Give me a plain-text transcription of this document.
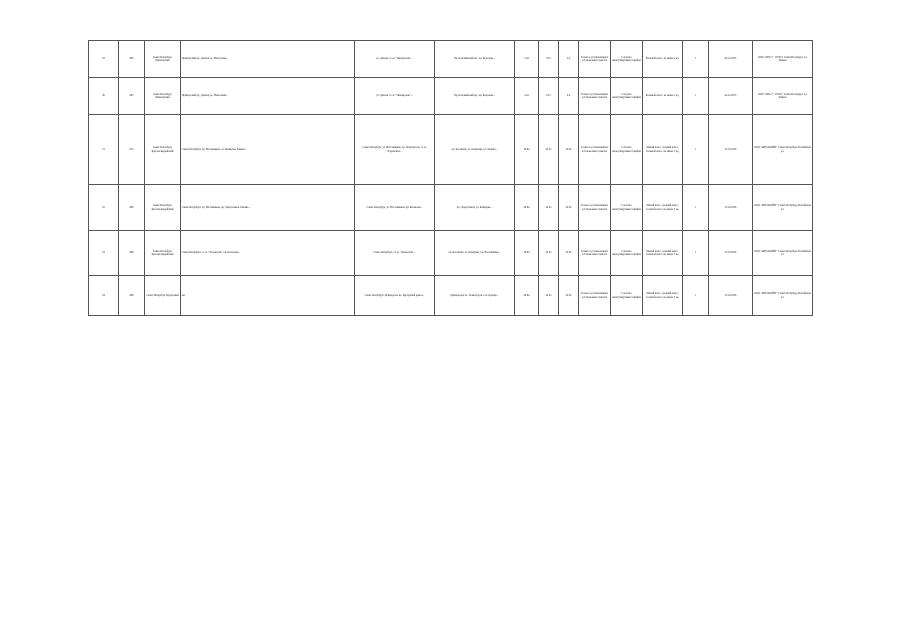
19	862	Санкт-Петербург, Приморский	Приморский пр., Дачная ул., Новоселки...	ул. Дачная, ст. м. "Пионерская"...	Пр. Коломяжский пр., пр. Королева...	21,6	19,5	2,4	Только в установленных остановочных пунктах	Согласно нерегулируемым тарифам	Большой класс, не менее 2 ед.	1	04.12.2015	ООО "АТП-7", 197227, Санкт-Петербург, ул. Дачная
20	865	Санкт-Петербург, Приморский	Приморский пр., Дачная ул., Новоселки...	ул. Дачная, ст. м. "Пионерская"...	Пр. Коломяжский пр., пр. Королева...	21,6	19,5	2,4	Только в установленных остановочных пунктах	Согласно нерегулируемым тарифам	Большой класс, не менее 2 ед.	1	04.12.2015	ООО "АТП-7", 197227, Санкт-Петербург, ул. Дачная
21	870	Санкт-Петербург, Красногвардейский	Санкт-Петербург, пр. Наставников, ул. Коммуны, Ржевка...	Санкт-Петербург, ул. Наставников, пр. Энтузиастов, ст. м. "Ладожская"...	пр. Косыгина, ул. Коммуны, ул. Ленина...	26,64	22,25	22,00	Только в установленных остановочных пунктах	Согласно нерегулируемым тарифам	Малый класс, средний класс, большой класс, не менее 5 ед.	1	25.10.2016	ООО "АВТОЛАЙН", Санкт-Петербург, Балтийская ул.
22	880	Санкт-Петербург, Красногвардейский	Санкт-Петербург, пр. Наставников, пр. Энергетиков, Ржевка...	Санкт-Петербург, ул. Наставников, пр. Косыгина...	пр. Энергетиков, ул. Коммуны...	26,64	22,25	22,00	Только в установленных остановочных пунктах	Согласно нерегулируемым тарифам	Малый класс, средний класс, большой класс, не менее 5 ед.	1	25.10.2016	ООО "АВТОЛАЙН", Санкт-Петербург, Балтийская ул.
23	886	Санкт-Петербург, Красногвардейский	Санкт-Петербург, ст. м. "Ладожская", пр. Косыгина...	Санкт-Петербург, ст. м. "Ладожская"...	пр. Косыгина, ул. Коммуны, пр. Наставников...	26,64	22,25	22,00	Только в установленных остановочных пунктах	Согласно нерегулируемым тарифам	Малый класс, средний класс, большой класс, не менее 5 ед.	1	25.10.2016	ООО "АВТОЛАЙН", Санкт-Петербург, Балтийская ул.
24	889	Санкт-Петербург, Курортный	нет	Санкт-Петербург, Приморское ш., Курортный район...	Приморское ш., Зеленогорск, Сестрорецк...	26,64	22,25	22,00	Только в установленных остановочных пунктах	Согласно нерегулируемым тарифам	Малый класс, средний класс, большой класс, не менее 5 ед.	1	25.10.2016	ООО "АВТОЛАЙН", Санкт-Петербург, Балтийская ул.
